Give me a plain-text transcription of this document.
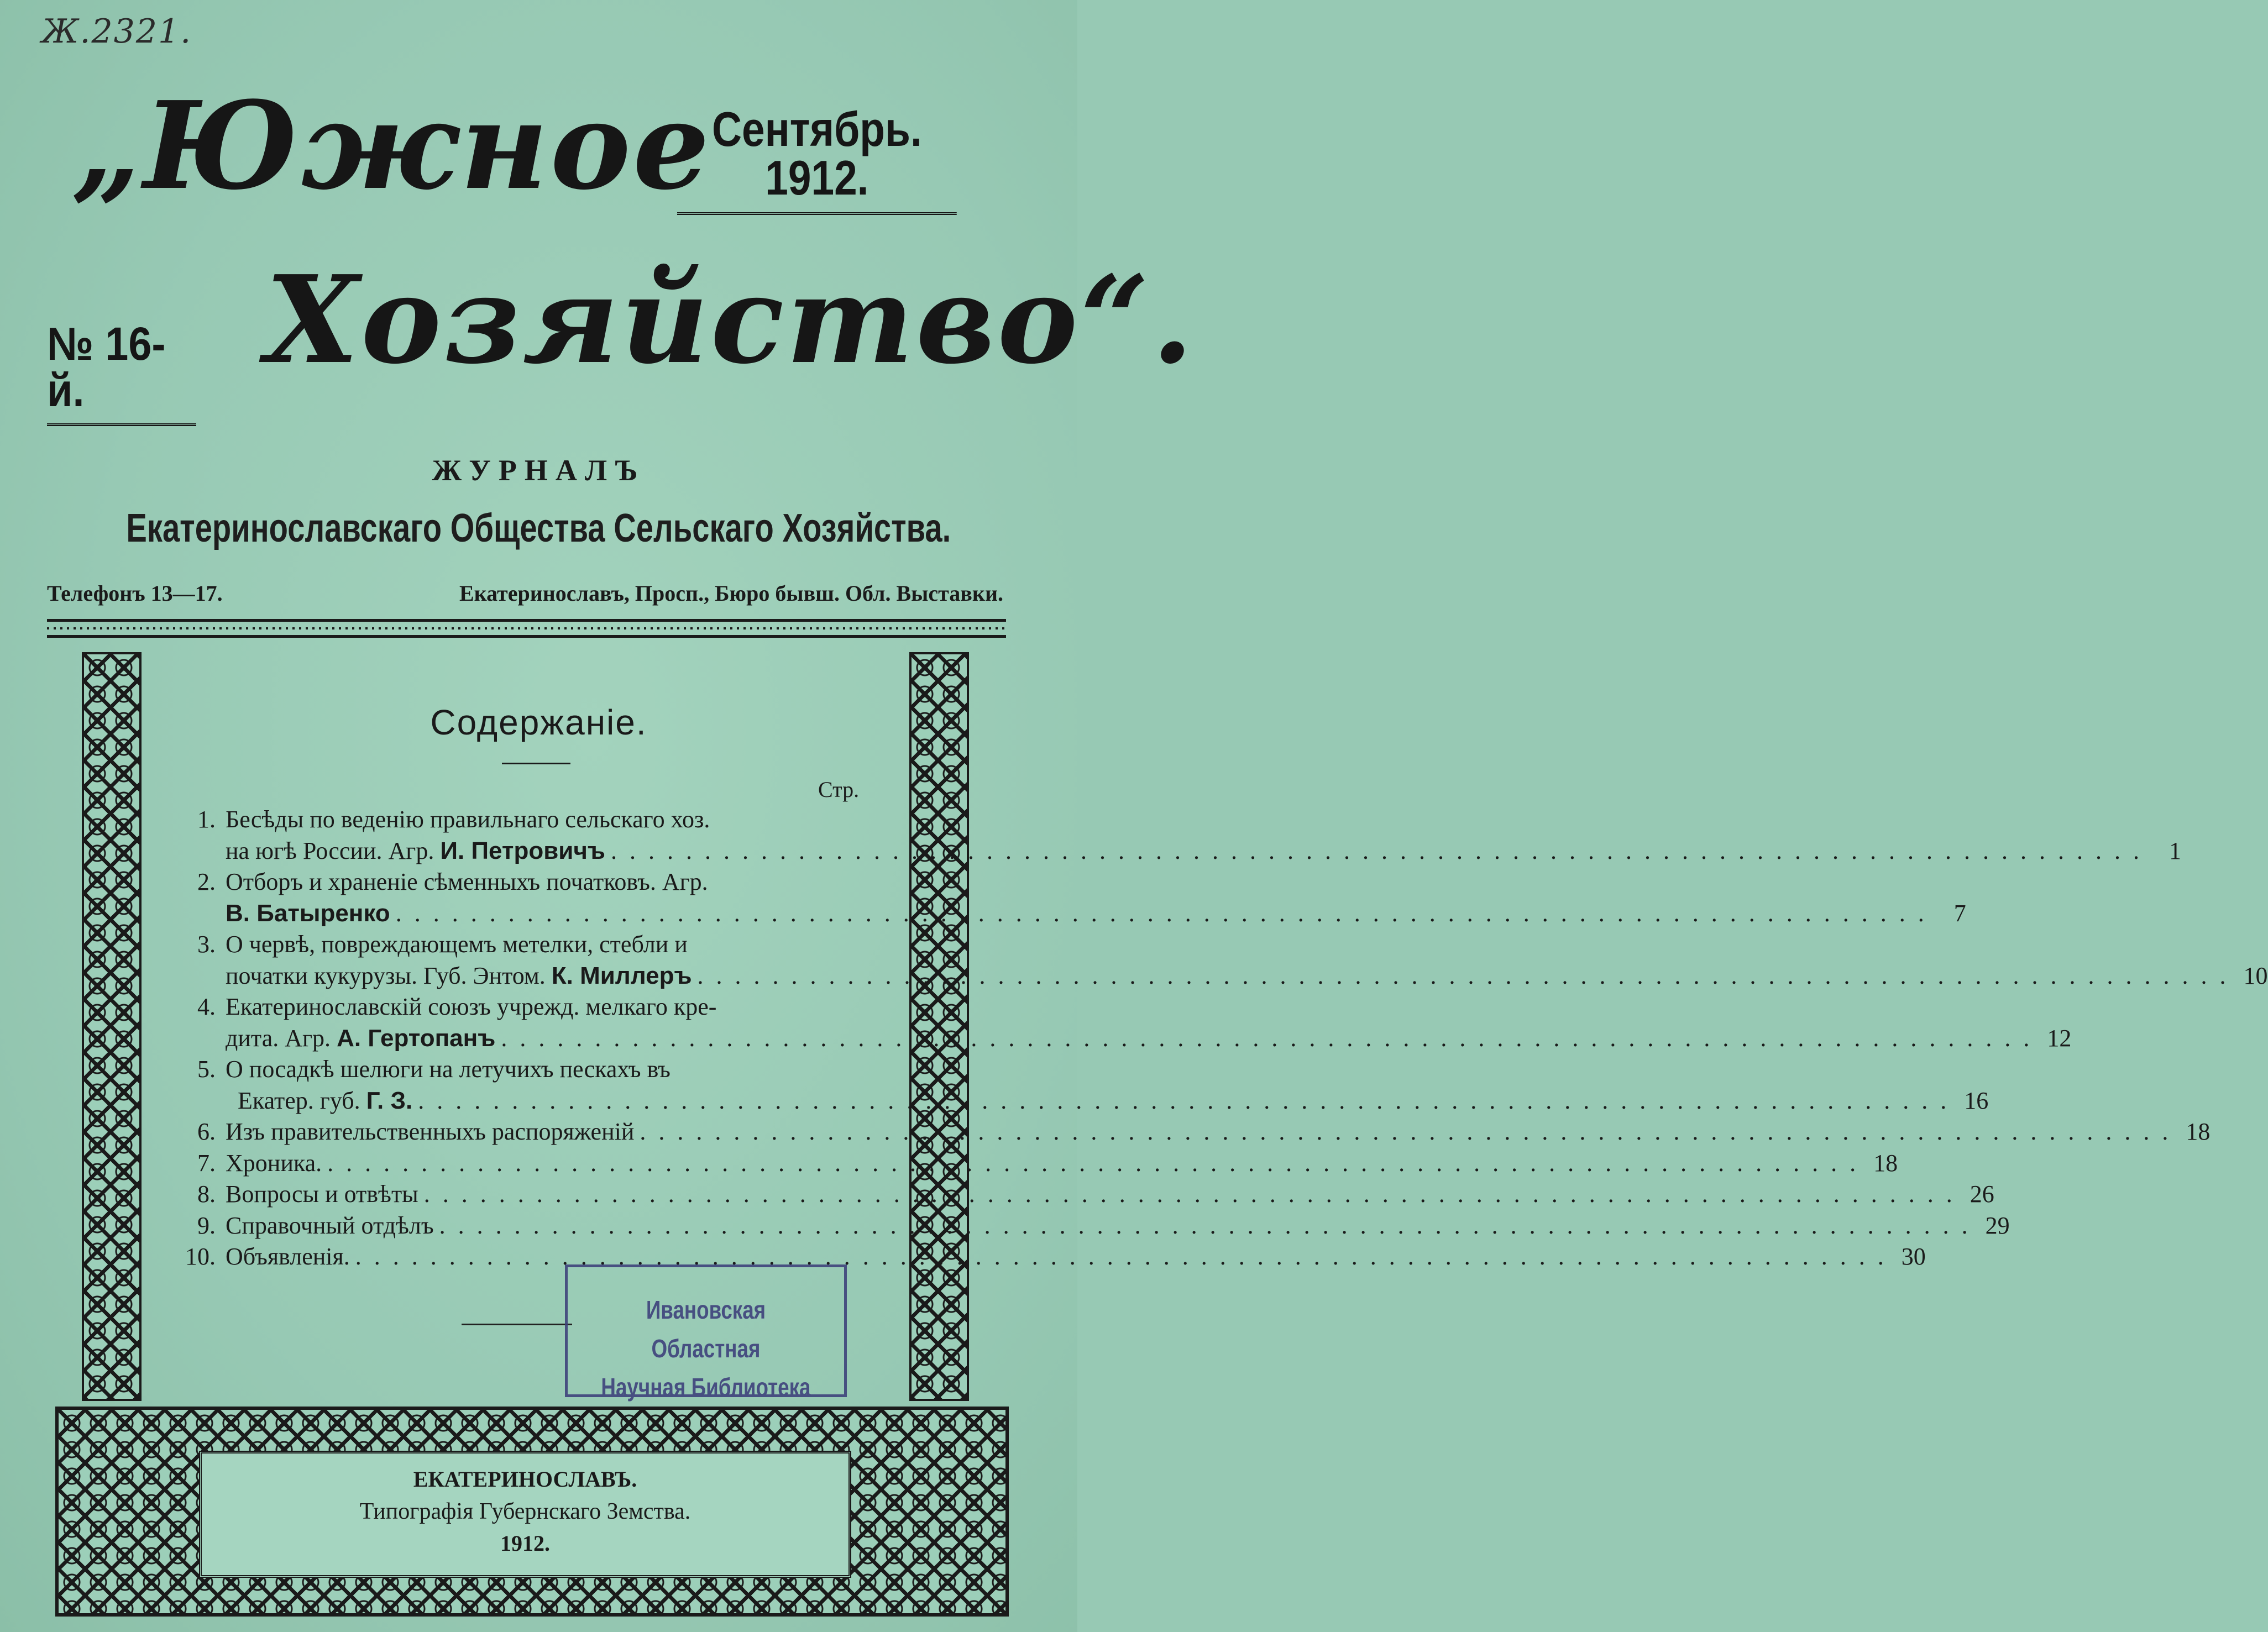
Ж.2321.
„Южное Сентябрь. 1912.
№ 16-й.	Хозяйство“.
ЖУРНАЛЪ
Екатеринославскаго Общества Сельскаго Хозяйства.
Телефонъ 13—17.	Екатеринославъ, Просп., Бюро бывш. Обл. Выставки.
Содержаніе.
Стр.
1. Бесѣды по веденію правильнаго сельскаго хоз.
на югѣ России. Агр.
И. Петровичъ . . .	1
2. Отборъ и храненіе сѣменныхъ початковъ. Агр.
В. Батыренко . . .	7
3. О червѣ, повреждающемъ метелки, стебли и
початки кукурузы. Губ. Энтом.
К. Миллеръ . . .	10
4. Екатеринославскій союзъ учрежд. мелкаго кре-
дита. Агр.
А. Гертопанъ . . .	12
5. О посадкѣ шелюги на летучихъ пескахъ въ

Екатер. губ.
Г. З. . . .	16
6. Изъ правительственныхъ распоряженій . . .	18
7. Хроника. . . .	18
8. Вопросы и отвѣты . . .	26
9. Справочный отдѣлъ . . .	29
10. Объявленія. . . .	30
Ивановская Областная
Научная Библиотека
ЕКАТЕРИНОСЛАВЪ.
Типографія Губернскаго Земства.
1912.
